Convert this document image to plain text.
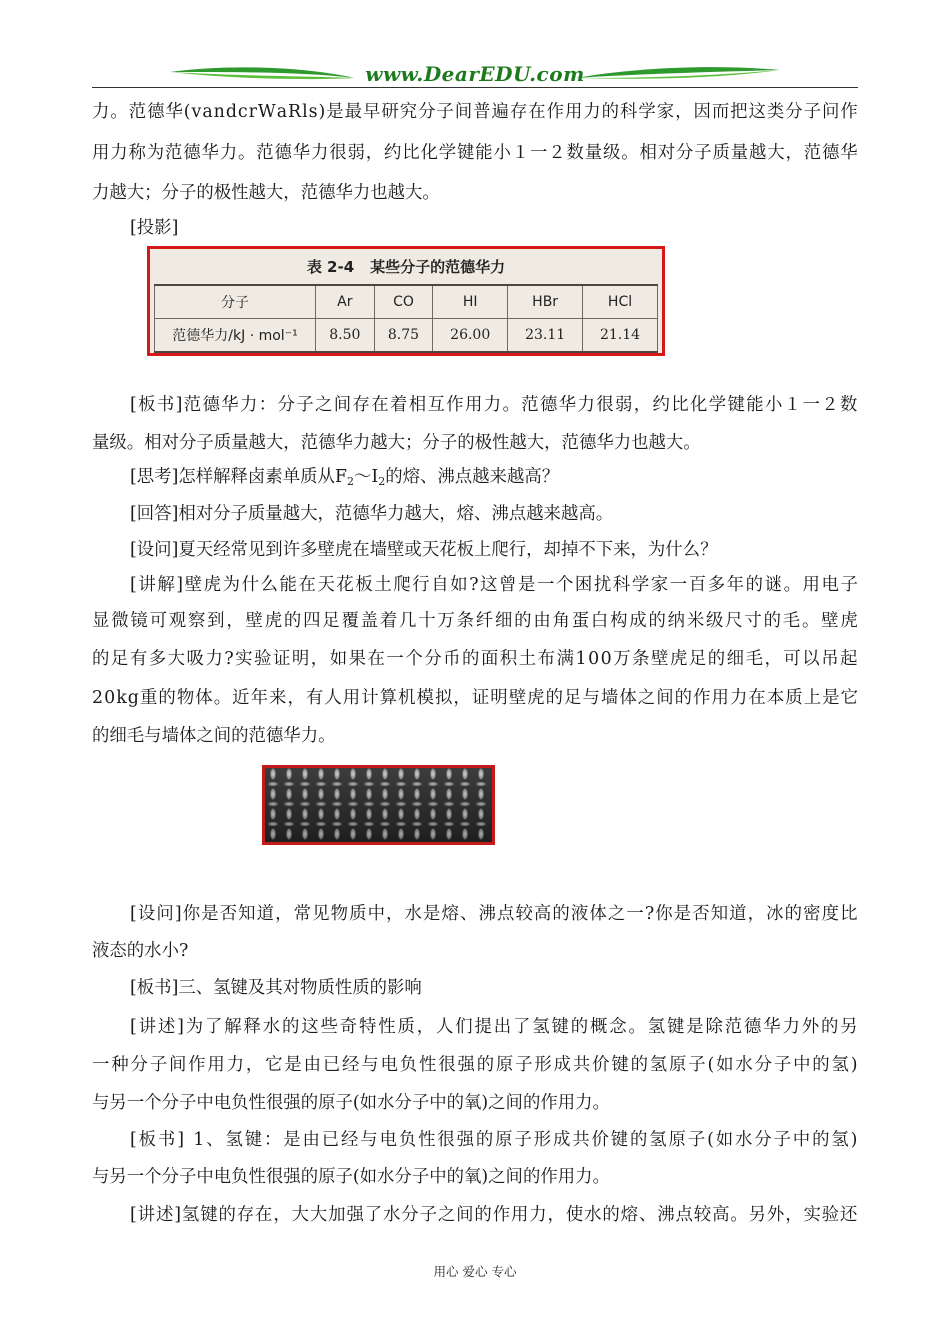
www.DearEDU.com
力 。 范 德 华 ( v a n d c r W a R l s ) 是 最 早 研 究 分 子 间 普 遍 存 在 作 用 力 的 科 学 家 ， 因 而 把 这 类 分 子 问 作
用 力 称 为 范 德 华 力 。 范 德 华 力 很 弱 ， 约 比 化 学 键 能 小 １ 一 ２ 数 量 级 。 相 对 分 子 质 量 越 大 ， 范 德 华
力越大；分子的极性越大，范德华力也越大。
[投影]
表 2-4 某些分子的范德华力
分子	Ar	CO	HI	HBr	HCl
范德华力/kJ · mol⁻¹	8.50	8.75	26.00	23.11	21.14
[ 板 书 ] 范 德 华 力 ： 分 子 之 间 存 在 着 相 互 作 用 力 。 范 德 华 力 很 弱 ， 约 比 化 学 键 能 小 １ 一 ２ 数
量级。相对分子质量越大，范德华力越大；分子的极性越大，范德华力也越大。
[思考]怎样解释卤素单质从$F_2\sim I_2$的熔、沸点越来越高？
[回答]相对分子质量越大，范德华力越大，熔、沸点越来越高。
[设问]夏天经常见到许多壁虎在墙壁或天花板上爬行，却掉不下来，为什么？
[ 讲 解 ] 壁 虎 为 什 么 能 在 天 花 板 土 爬 行 自 如 ? 这 曾 是 一 个 困 扰 科 学 家 一 百 多 年 的 谜 。 用 电 子
显 微 镜 可 观 察 到 ， 壁 虎 的 四 足 覆 盖 着 几 十 万 条 纤 细 的 由 角 蛋 白 构 成 的 纳 米 级 尺 寸 的 毛 。 壁 虎
的 足 有 多 大 吸 力 ? 实 验 证 明 ， 如 果 在 一 个 分 币 的 面 积 土 布 满 1 0 0 万 条 壁 虎 足 的 细 毛 ， 可 以 吊 起
2 0 k g 重 的 物 体 。 近 年 来 ， 有 人 用 计 算 机 模 拟 ， 证 明 壁 虎 的 足 与 墙 体 之 间 的 作 用 力 在 本 质 上 是 它
的细毛与墙体之间的范德华力。
[ 设 问 ] 你 是 否 知 道 ， 常 见 物 质 中 ， 水 是 熔 、 沸 点 较 高 的 液 体 之 一 ? 你 是 否 知 道 ， 冰 的 密 度 比
液态的水小?
[板书]三、氢键及其对物质性质的影响
[ 讲 述 ] 为 了 解 释 水 的 这 些 奇 特 性 质 ， 人 们 提 出 了 氢 键 的 概 念 。 氢 键 是 除 范 德 华 力 外 的 另
一 种 分 子 间 作 用 力 ， 它 是 由 已 经 与 电 负 性 很 强 的 原 子 形 成 共 价 键 的 氢 原 子 ( 如 水 分 子 中 的 氢 )
与另一个分子中电负性很强的原子(如水分子中的氧)之间的作用力。
[ 板 书 ]
1 、 氢 键 ： 是 由 已 经 与 电 负 性 很 强 的 原 子 形 成 共 价 键 的 氢 原 子 ( 如 水 分 子 中 的 氢 )
与另一个分子中电负性很强的原子(如水分子中的氧)之间的作用力。
[ 讲 述 ] 氢 键 的 存 在 ， 大 大 加 强 了 水 分 子 之 间 的 作 用 力 ， 使 水 的 熔 、 沸 点 较 高 。 另 外 ， 实 验 还
用心 爱心 专心
